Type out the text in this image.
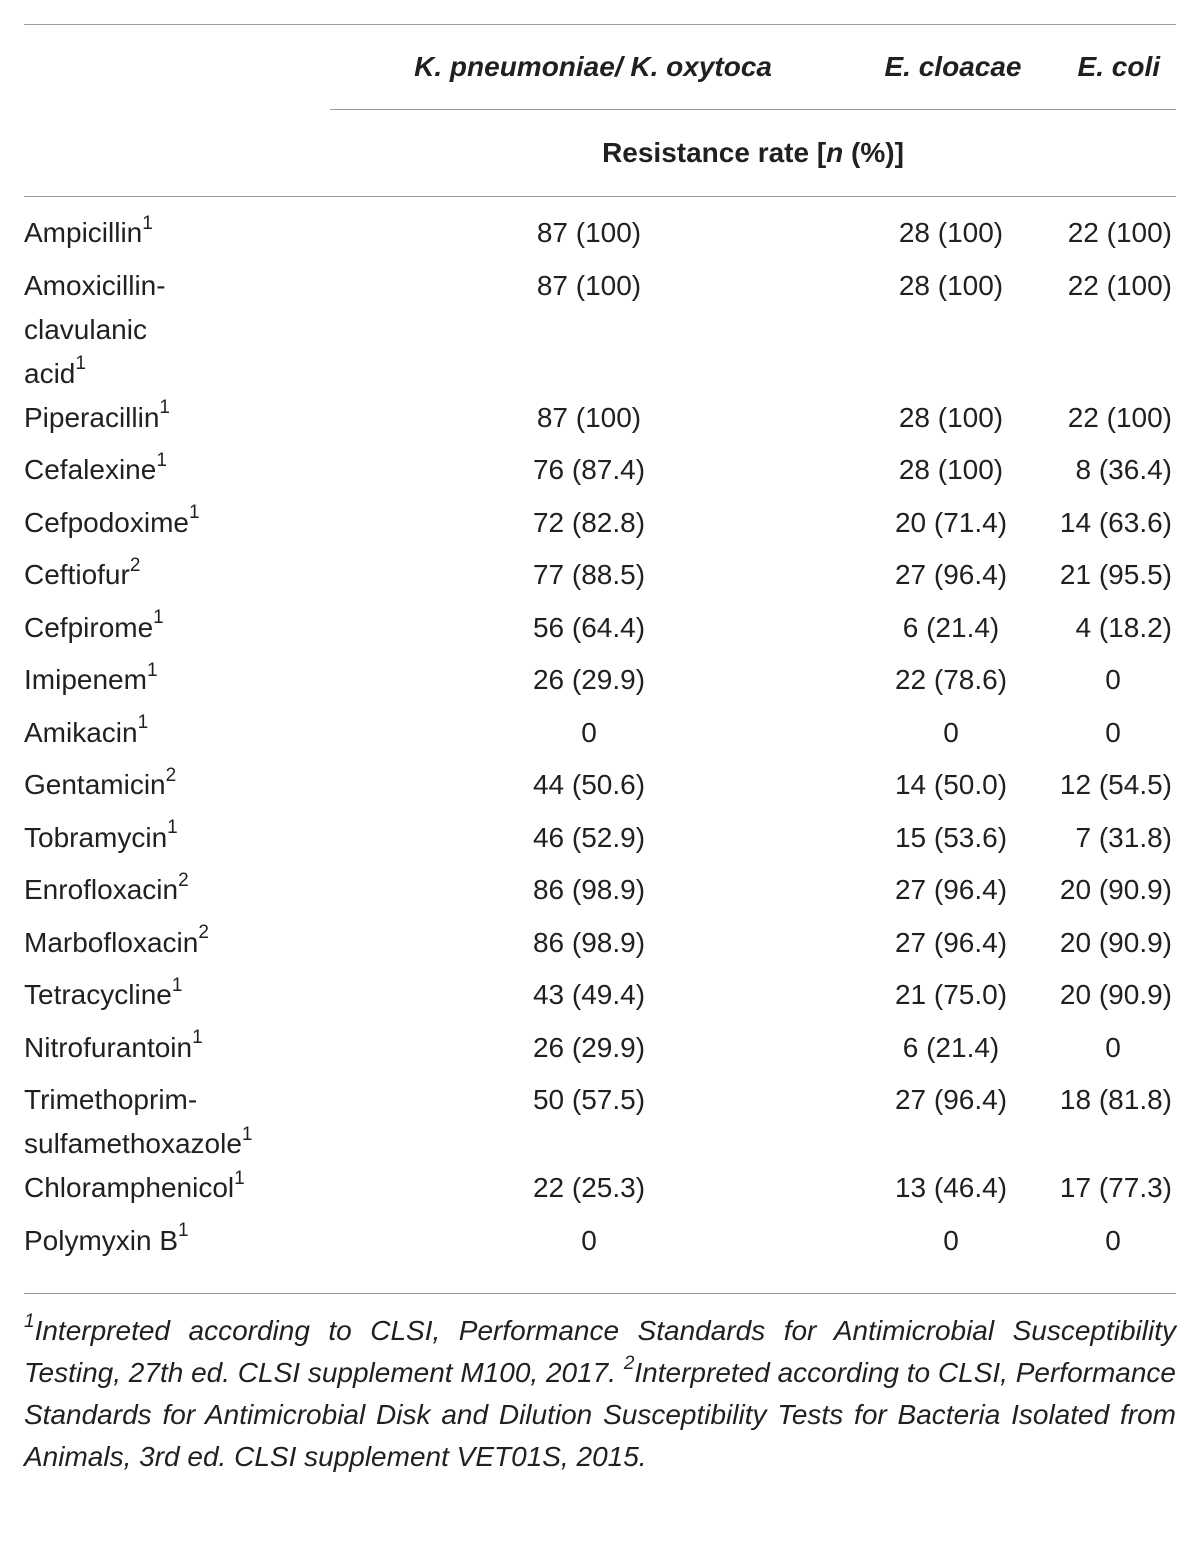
	K. pneumoniae/ K. oxytoca	E. cloacae	E. coli
	Resistance rate [n (%)]		
Ampicillin$^1$	87 (100)	28 (100)	22 (100)
Amoxicillin-
clavulanic
acid$^1$	87 (100)	28 (100)	22 (100)
Piperacillin$^1$	87 (100)	28 (100)	22 (100)
Cefalexine$^1$	76 (87.4)	28 (100)	8 (36.4)
Cefpodoxime$^1$	72 (82.8)	20 (71.4)	14 (63.6)
Ceftiofur$^2$	77 (88.5)	27 (96.4)	21 (95.5)
Cefpirome$^1$	56 (64.4)	6 (21.4)	4 (18.2)
Imipenem$^1$	26 (29.9)	22 (78.6)	0
Amikacin$^1$	0	0	0
Gentamicin$^2$	44 (50.6)	14 (50.0)	12 (54.5)
Tobramycin$^1$	46 (52.9)	15 (53.6)	7 (31.8)
Enrofloxacin$^2$	86 (98.9)	27 (96.4)	20 (90.9)
Marbofloxacin$^2$	86 (98.9)	27 (96.4)	20 (90.9)
Tetracycline$^1$	43 (49.4)	21 (75.0)	20 (90.9)
Nitrofurantoin$^1$	26 (29.9)	6 (21.4)	0
Trimethoprim-
sulfamethoxazole$^1$	50 (57.5)	27 (96.4)	18 (81.8)
Chloramphenicol$^1$	22 (25.3)	13 (46.4)	17 (77.3)
Polymyxin $B^1$	0	0	0
$^1$Interpreted according to CLSI, Performance Standards for Antimicrobial Susceptibility Testing, 27th ed. CLSI supplement M100, 2017. $^2$Interpreted according to CLSI, Performance Standards for Antimicrobial Disk and Dilution Susceptibility Tests for Bacteria Isolated from Animals, 3rd ed. CLSI supplement VET01S, 2015.
